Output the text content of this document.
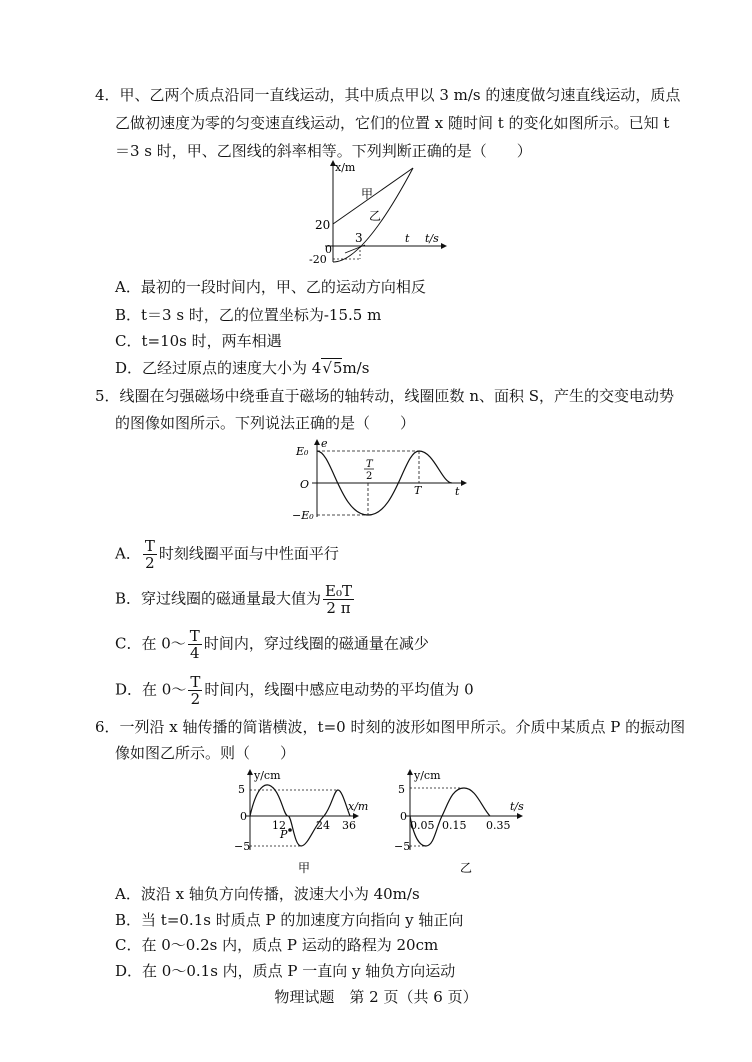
4．甲、乙两个质点沿同一直线运动，其中质点甲以 3 m/s 的速度做匀速直线运动，质点
乙做初速度为零的匀变速直线运动，它们的位置 x 随时间 t 的变化如图所示。已知 t
＝3 s 时，甲、乙图线的斜率相等。下列判断正确的是（　　）
x/m
甲
乙
20
0
-20
3	t t/s
A．最初的一段时间内，甲、乙的运动方向相反
B．t＝3 s 时，乙的位置坐标为-15.5 m
C．t=10s 时，两车相遇
D．乙经过原点的速度大小为 4√5m/s
5．线圈在匀强磁场中绕垂直于磁场的轴转动，线圈匝数 n、面积 S，产生的交变电动势
的图像如图所示。下列说法正确的是（　　）
e
E₀
O
−E₀
T
2
T	t
A． $\frac{T}{2}$ 时刻线圈平面与中性面平行
B．穿过线圈的磁通量最大值为 $\frac{\text{E₀T}}{2 \pi}$
C．在 0～ $\frac{T}{4}$ 时间内，穿过线圈的磁通量在减少
D．在 0～ $\frac{T}{2}$ 时间内，线圈中感应电动势的平均值为 0
6．一列沿 x 轴传播的简谐横波，t=0 时刻的波形如图甲所示。介质中某质点 P 的振动图
像如图乙所示。则（　　）
y/cm
5
0
−5
12	24 36
P
x/m
甲
y/cm
5
0
−5
0.05 0.15 0.35
t/s
乙
A．波沿 x 轴负方向传播，波速大小为 40m/s
B．当 t=0.1s 时质点 P 的加速度方向指向 y 轴正向
C．在 0～0.2s 内，质点 P 运动的路程为 20cm
D．在 0～0.1s 内，质点 P 一直向 y 轴负方向运动
物理试题　第 2 页（共 6 页）
